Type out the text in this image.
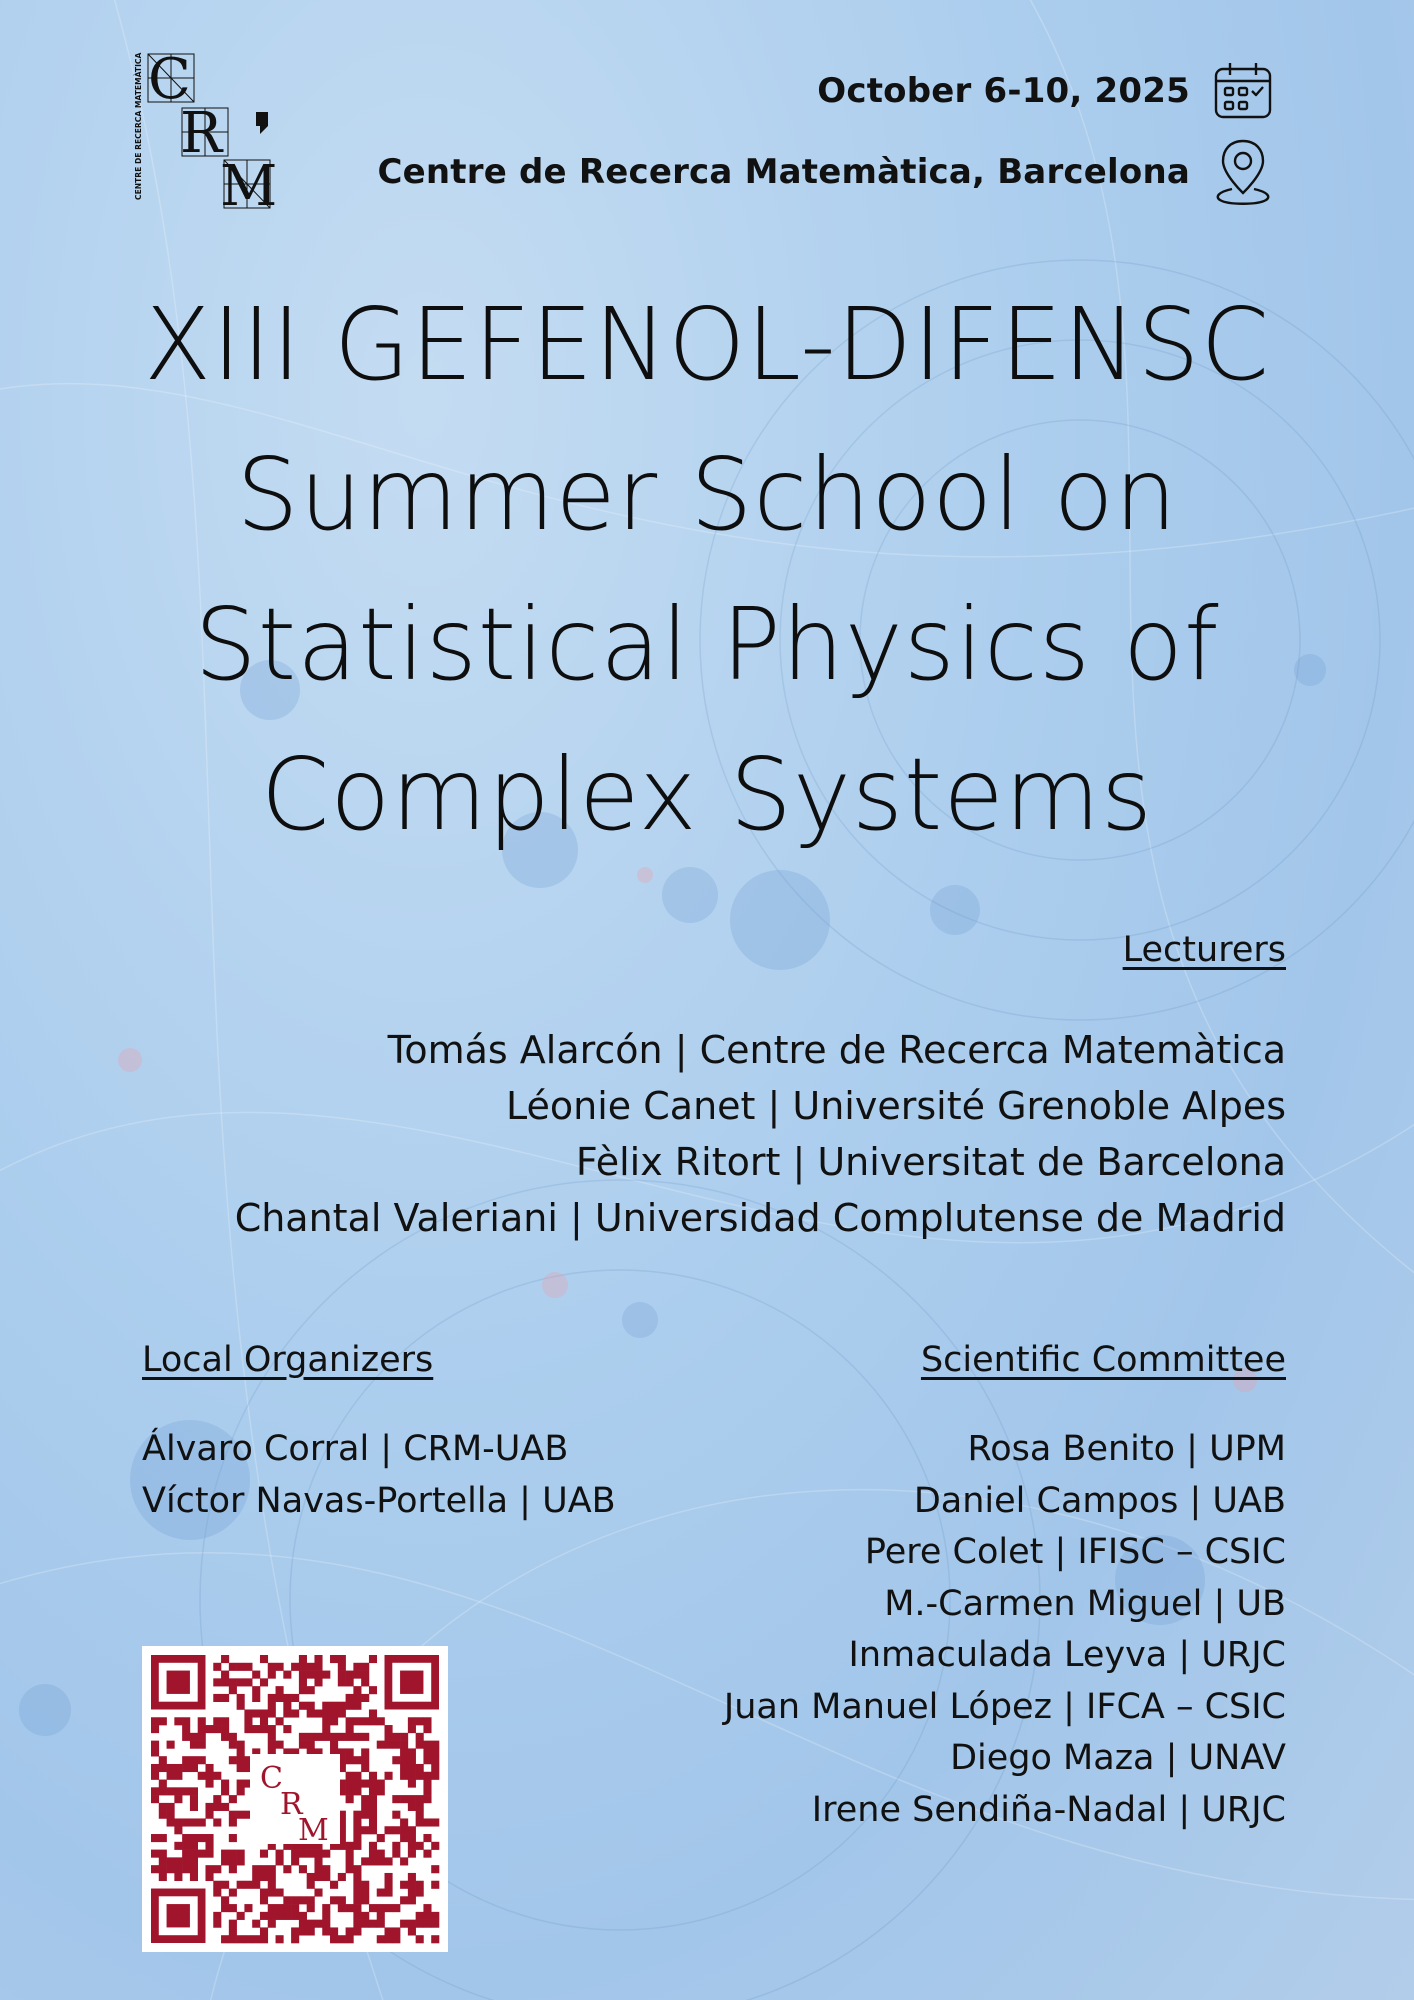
C
R
M
CENTRE DE RECERCA MATEMÀTICA	October 6-10, 2025
Centre de Recerca Matemàtica, Barcelona
XIII GEFENOL-DIFENSC
Summer School on
Statistical Physics of
Complex Systems
Lecturers
Tomás Alarcón | Centre de Recerca Matemàtica
Léonie Canet | Université Grenoble Alpes
Fèlix Ritort | Universitat de Barcelona
Chantal Valeriani | Universidad Complutense de Madrid
Local Organizers
Álvaro Corral | CRM-UAB
Víctor Navas-Portella | UAB
Scientific Committee
Rosa Benito | UPM
Daniel Campos | UAB
Pere Colet | IFISC – CSIC
M.-Carmen Miguel | UB
Inmaculada Leyva | URJC
Juan Manuel López | IFCA – CSIC
Diego Maza | UNAV
Irene Sendiña-Nadal | URJC
C
R
M
